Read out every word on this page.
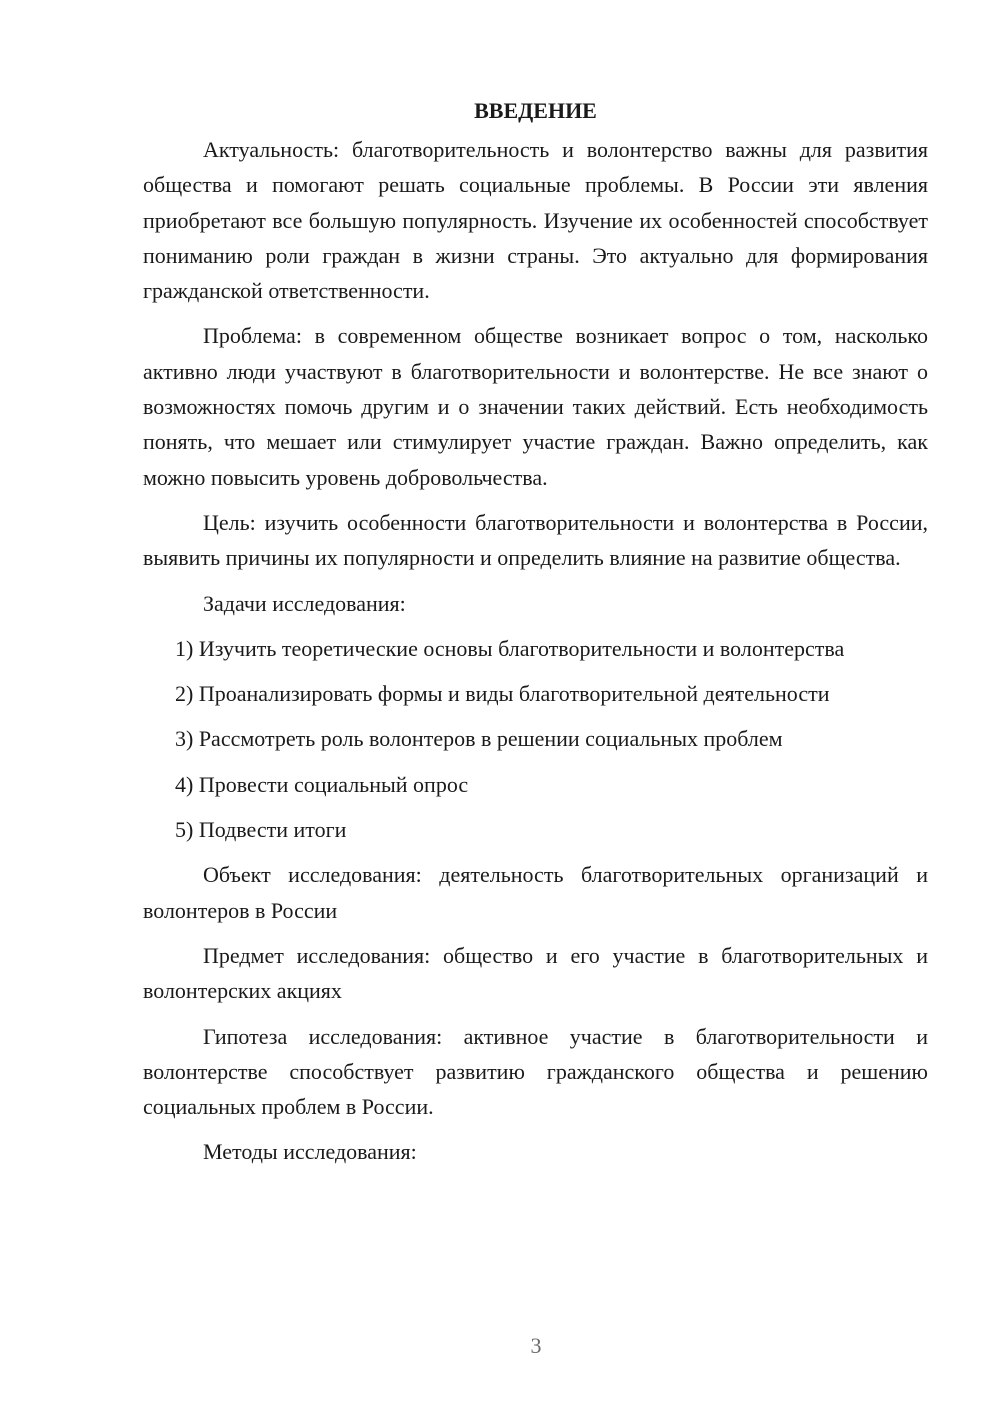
ВВЕДЕНИЕ

Актуальность: благотворительность и волонтерство важны для развития общества и помогают решать социальные проблемы. В России эти явления приобретают все большую популярность. Изучение их особенностей способствует пониманию роли граждан в жизни страны. Это актуально для формирования гражданской ответственности.

Проблема: в современном обществе возникает вопрос о том, насколько активно люди участвуют в благотворительности и волонтерстве. Не все знают о возможностях помочь другим и о значении таких действий. Есть необходимость понять, что мешает или стимулирует участие граждан. Важно определить, как можно повысить уровень добровольчества.

Цель: изучить особенности благотворительности и волонтерства в России, выявить причины их популярности и определить влияние на развитие общества.

Задачи исследования:

1) Изучить теоретические основы благотворительности и волонтерства

2) Проанализировать формы и виды благотворительной деятельности

3) Рассмотреть роль волонтеров в решении социальных проблем

4) Провести социальный опрос

5) Подвести итоги

Объект исследования: деятельность благотворительных организаций и волонтеров в России

Предмет исследования: общество и его участие в благотворительных и волонтерских акциях

Гипотеза исследования: активное участие в благотворительности и волонтерстве способствует развитию гражданского общества и решению социальных проблем в России.

Методы исследования:

3
